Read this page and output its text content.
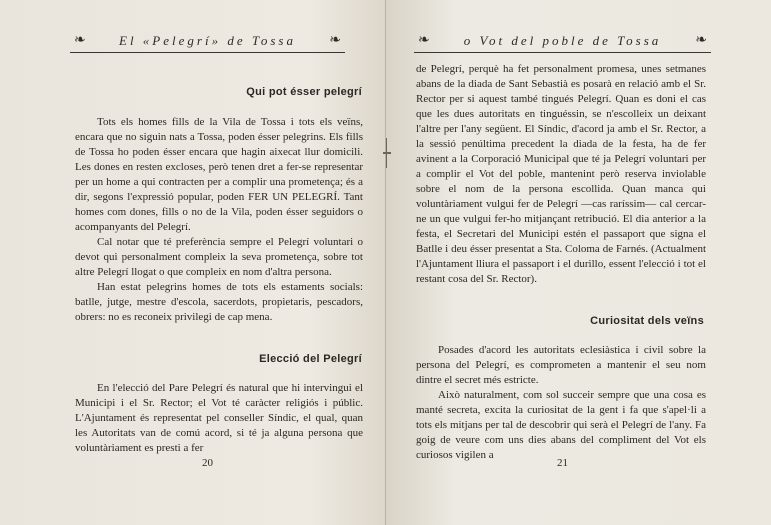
❧	El «Pelegrí» de Tossa ❧
Qui pot ésser pelegrí

Tots els homes fills de la Vila de Tossa i tots els veïns, encara que no siguin nats a Tossa, poden ésser pelegrins. Els fills de Tossa ho poden ésser encara que hagin aixecat llur domicili. Les dones en resten excloses, però tenen dret a fer-se representar per un home a qui contracten per a complir una prometença; és a dir, segons l'expressió popular, poden FER UN PELEGRÍ. Tant homes com dones, fills o no de la Vila, poden ésser seguidors o acompanyants del Pelegrí.

Cal notar que té preferència sempre el Pelegrí voluntari o devot qui personalment compleix la seva prometença, sobre tot altre Pelegrí llogat o que compleix en nom d'altra persona.

Han estat pelegrins homes de tots els estaments socials: batlle, jutge, mestre d'escola, sacerdots, propietaris, pescadors, obrers: no es reconeix privilegi de cap mena.

Elecció del Pelegrí

En l'elecció del Pare Pelegrí és natural que hi intervingui el Municipi i el Sr. Rector; el Vot té caràcter religiós i públic. L'Ajuntament és representat pel conseller Síndic, el qual, quan les Autoritats van de comú acord, si té ja alguna persona que voluntàriament es presti a fer

20
❧	o Vot del poble de Tossa ❧

de Pelegrí, perquè ha fet personalment promesa, unes setmanes abans de la diada de Sant Sebastià es posarà en relació amb el Sr. Rector per si aquest també tingués Pelegrí. Quan es doni el cas que les dues autoritats en tinguéssin, se n'escolleix un deixant l'altre per l'any següent. El Síndic, d'acord ja amb el Sr. Rector, a la sessió penúltima precedent la diada de la festa, ha de fer avinent a la Corporació Municipal que té ja Pelegrí voluntari per a complir el Vot del poble, mantenint però reserva inviolable sobre el nom de la persona escollida. Quan manca qui voluntàriament vulgui fer de Pelegrí —cas raríssim— cal cercar-ne un que vulgui fer-ho mitjançant retribució. El dia anterior a la festa, el Secretari del Municipi estén el passaport que signa el Batlle i deu ésser presentat a Sta. Coloma de Farnés. (Actualment l'Ajuntament lliura el passaport i el durillo, essent l'elecció i tot el restant cosa del Sr. Rector).

Curiositat dels veïns

Posades d'acord les autoritats eclesiàstica i civil sobre la persona del Pelegrí, es comprometen a mantenir el seu nom dintre el secret més estricte.

Això naturalment, com sol succeir sempre que una cosa es manté secreta, excita la curiositat de la gent i fa que s'apel·li a tots els mitjans per tal de descobrir qui serà el Pelegrí de l'any. Fa goig de veure com uns dies abans del compliment del Vot els curiosos vigilen a

21
